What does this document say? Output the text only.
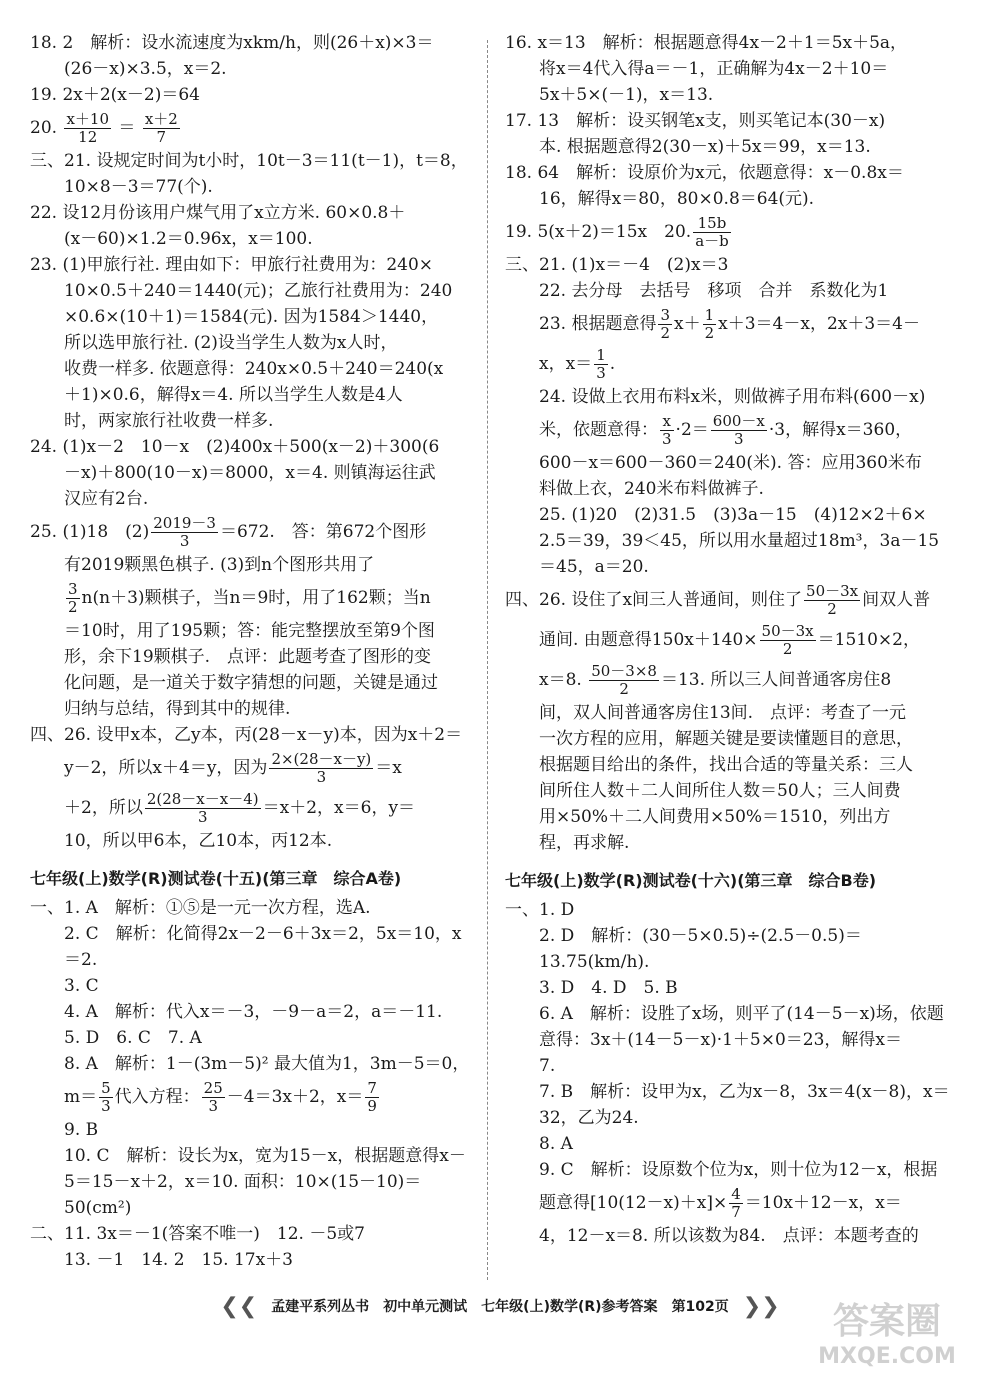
18. 2　解析：设水流速度为xkm/h，则(26＋x)×3＝

(26－x)×3.5，x＝2.

19. 2x＋2(x－2)＝64

20. $\frac{x+10}{12} = \frac{x+2}{7}$

三、21. 设规定时间为t小时，10t－3＝11(t－1)，t＝8，

10×8－3＝77(个).

22. 设12月份该用户煤气用了x立方米. 60×0.8＋

(x－60)×1.2＝0.96x，x＝100.

23. (1)甲旅行社. 理由如下：甲旅行社费用为：240×

10×0.5＋240＝1440(元)；乙旅行社费用为：240

×0.6×(10＋1)＝1584(元). 因为1584＞1440，

所以选甲旅行社. (2)设当学生人数为x人时，

收费一样多. 依题意得：240x×0.5＋240＝240(x

＋1)×0.6，解得x＝4. 所以当学生人数是4人

时，两家旅行社收费一样多.

24. (1)x－2　10－x　(2)400x＋500(x－2)＋300(6

－x)＋800(10－x)＝8000，x＝4. 则镇海运往武

汉应有2台.

25. (1)18　$(2) \frac{2019-3}{3} =672$.　答：第672个图形

有2019颗黑色棋子. (3)到n个图形共用了

$\frac{3}{2} n(n+3)$颗棋子，当n＝9时，用了162颗；当n

＝10时，用了195颗；答：能完整摆放至第9个图

形，余下19颗棋子.　点评：此题考查了图形的变

化问题，是一道关于数字猜想的问题，关键是通过

归纳与总结，得到其中的规律.

四、26. 设甲x本，乙y本，丙(28－x－y)本，因为x＋2＝

y－2，所以x＋4＝y，因为 $\frac{2\times(28-x-y)}{3} =x$

＋2，所以 $\frac{2(28-x-x-4)}{3} =x+2$，x＝6，y＝

10，所以甲6本，乙10本，丙12本.

七年级(上)数学(R)测试卷(十五)(第三章　综合A卷)

一、1. A　解析：①⑤是一元一次方程，选A.

2. C　解析：化简得2x－2－6＋3x＝2，5x＝10，x

＝2.

3. C

4. A　解析：代入x＝－3，－9－a＝2，a＝－11.

5. D　6. C　7. A

8. A　解析：1－(3m－5)² 最大值为1，3m－5＝0，

$m= \frac{5}{3}$ 代入方程： $\frac{25}{3} -4=3x+2$，$x= \frac{7}{9}$

9. B

10. C　解析：设长为x，宽为15－x，根据题意得x－

5＝15－x＋2，x＝10. 面积：10×(15－10)＝

50(cm²)

二、11. 3x＝－1(答案不唯一)　12. －5或7

13. －1　14. 2　15. 17x＋3

16. x＝13　解析：根据题意得4x－2＋1＝5x＋5a，

将x＝4代入得a＝－1，正确解为4x－2＋10＝

5x＋5×(－1)，x＝13.

17. 13　解析：设买钢笔x支，则买笔记本(30－x)

本. 根据题意得2(30－x)＋5x＝99，x＝13.

18. 64　解析：设原价为x元，依题意得：x－0.8x＝

16，解得x＝80，80×0.8＝64(元).

19. 5(x＋2)＝15x　20. $\frac{15b}{a-b}$

三、21. (1)x＝－4　(2)x＝3

22. 去分母　去括号　移项　合并　系数化为1

23. 根据题意得 $\frac{3}{2} x+ \frac{1}{2} x+3=4-x$，2x＋3＝4－

x，$x= \frac{1}{3}$ .

24. 设做上衣用布料x米，则做裤子用布料(600－x)

米，依题意得： $\frac{x}{3} \cdot 2= \frac{600-x}{3} \cdot 3$，解得x＝360，

600－x＝600－360＝240(米). 答：应用360米布

料做上衣，240米布料做裤子.

25. (1)20　(2)31.5　(3)3a－15　(4)12×2＋6×

2.5＝39，39＜45，所以用水量超过18m³，3a－15

＝45，a＝20.

四、26. 设住了x间三人普通间，则住了 $\frac{50-3x}{2}$ 间双人普

通间. 由题意得$150x+140\times \frac{50-3x}{2} =1510\times 2$，

x＝8. $\frac{50-3\times 8}{2} =13$. 所以三人间普通客房住8

间，双人间普通客房住13间.　点评：考查了一元

一次方程的应用，解题关键是要读懂题目的意思，

根据题目给出的条件，找出合适的等量关系：三人

间所住人数＋二人间所住人数＝50人；三人间费

用×50%＋二人间费用×50%＝1510，列出方

程，再求解.

七年级(上)数学(R)测试卷(十六)(第三章　综合B卷)

一、1. D

2. D　解析：(30－5×0.5)÷(2.5－0.5)＝

13.75(km/h).

3. D　4. D　5. B

6. A　解析：设胜了x场，则平了(14－5－x)场，依题

意得：3x＋(14－5－x)·1＋5×0＝23，解得x＝

7.

7. B　解析：设甲为x，乙为x－8，3x＝4(x－8)，x＝

32，乙为24.

8. A

9. C　解析：设原数个位为x，则十位为12－x，根据

题意得$[10(12-x)+x]\times \frac{4}{7} =10x+12-x$，x＝

4，12－x＝8. 所以该数为84.　点评：本题考查的

❮❮ 孟建平系列丛书 初中单元测试　七年级(上)数学(R)参考答案 第102页 ❯❯	答案圈
MXQE.COM
